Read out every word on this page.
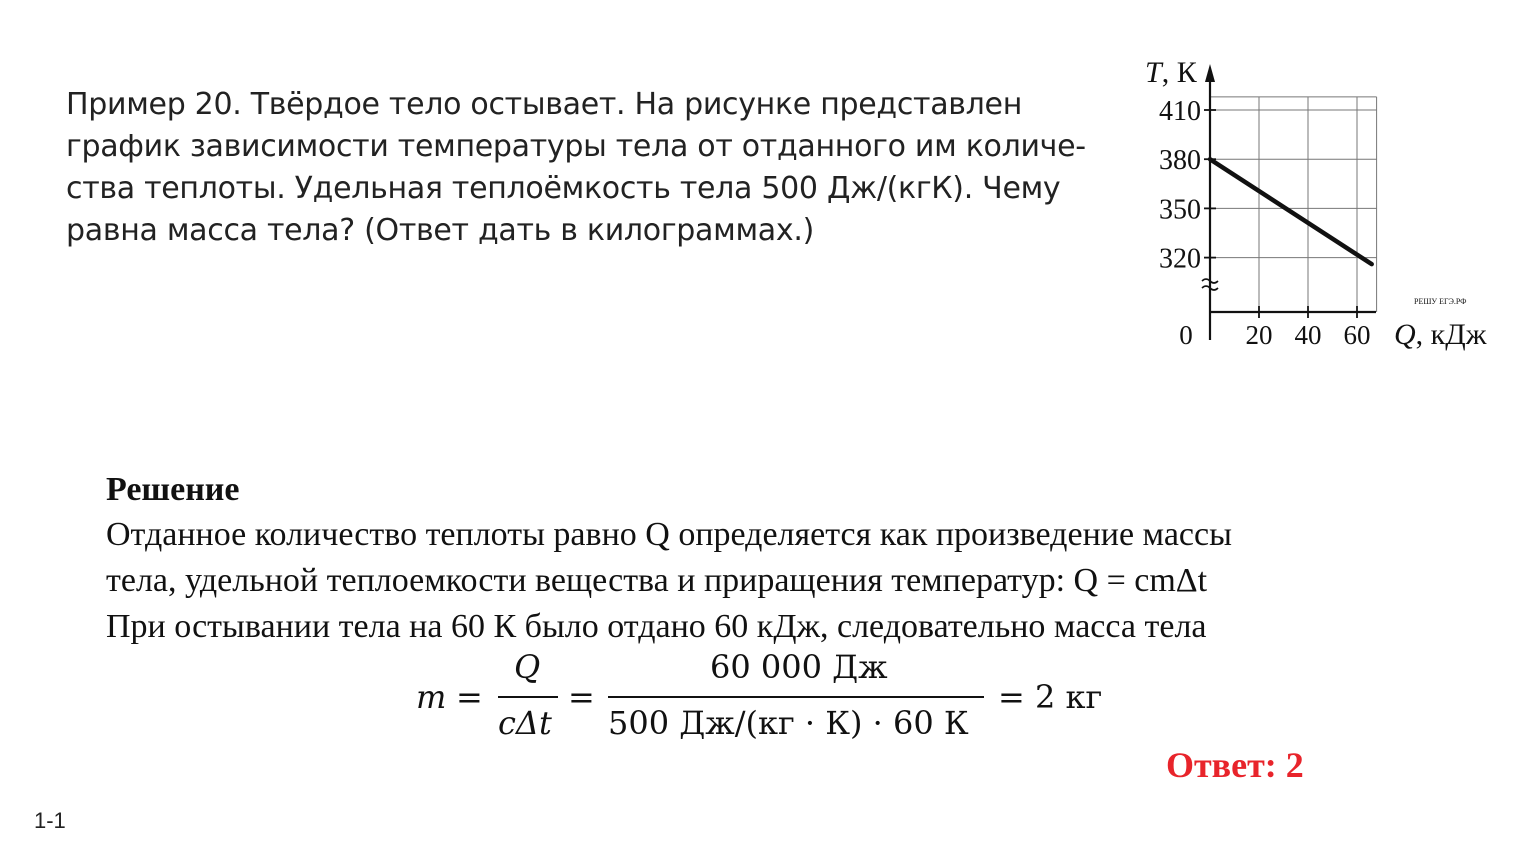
Пример 20. Твёрдое тело остывает. На рисунке представлен
график зависимости температуры тела от отданного им количе-
ства теплоты. Удельная теплоёмкость тела 500 Дж/(кгК). Чему
равна масса тела? (Ответ дать в килограммах.)
T, К
Q, кДж
0
РЕШУ ЕГЭ.РФ
20 40 60
410
380
350
320
Решение
Отданное количество теплоты равно Q определяется как произведение массы
тела, удельной теплоемкости вещества и приращения температур: Q = cmΔt
При остывании тела на 60 К было отдано 60 кДж, следовательно масса тела
m =
Q
cΔt
=
60 000 Дж
500 Дж/(кг · К) · 60 К
= 2 кг
Ответ: 2
1-1
